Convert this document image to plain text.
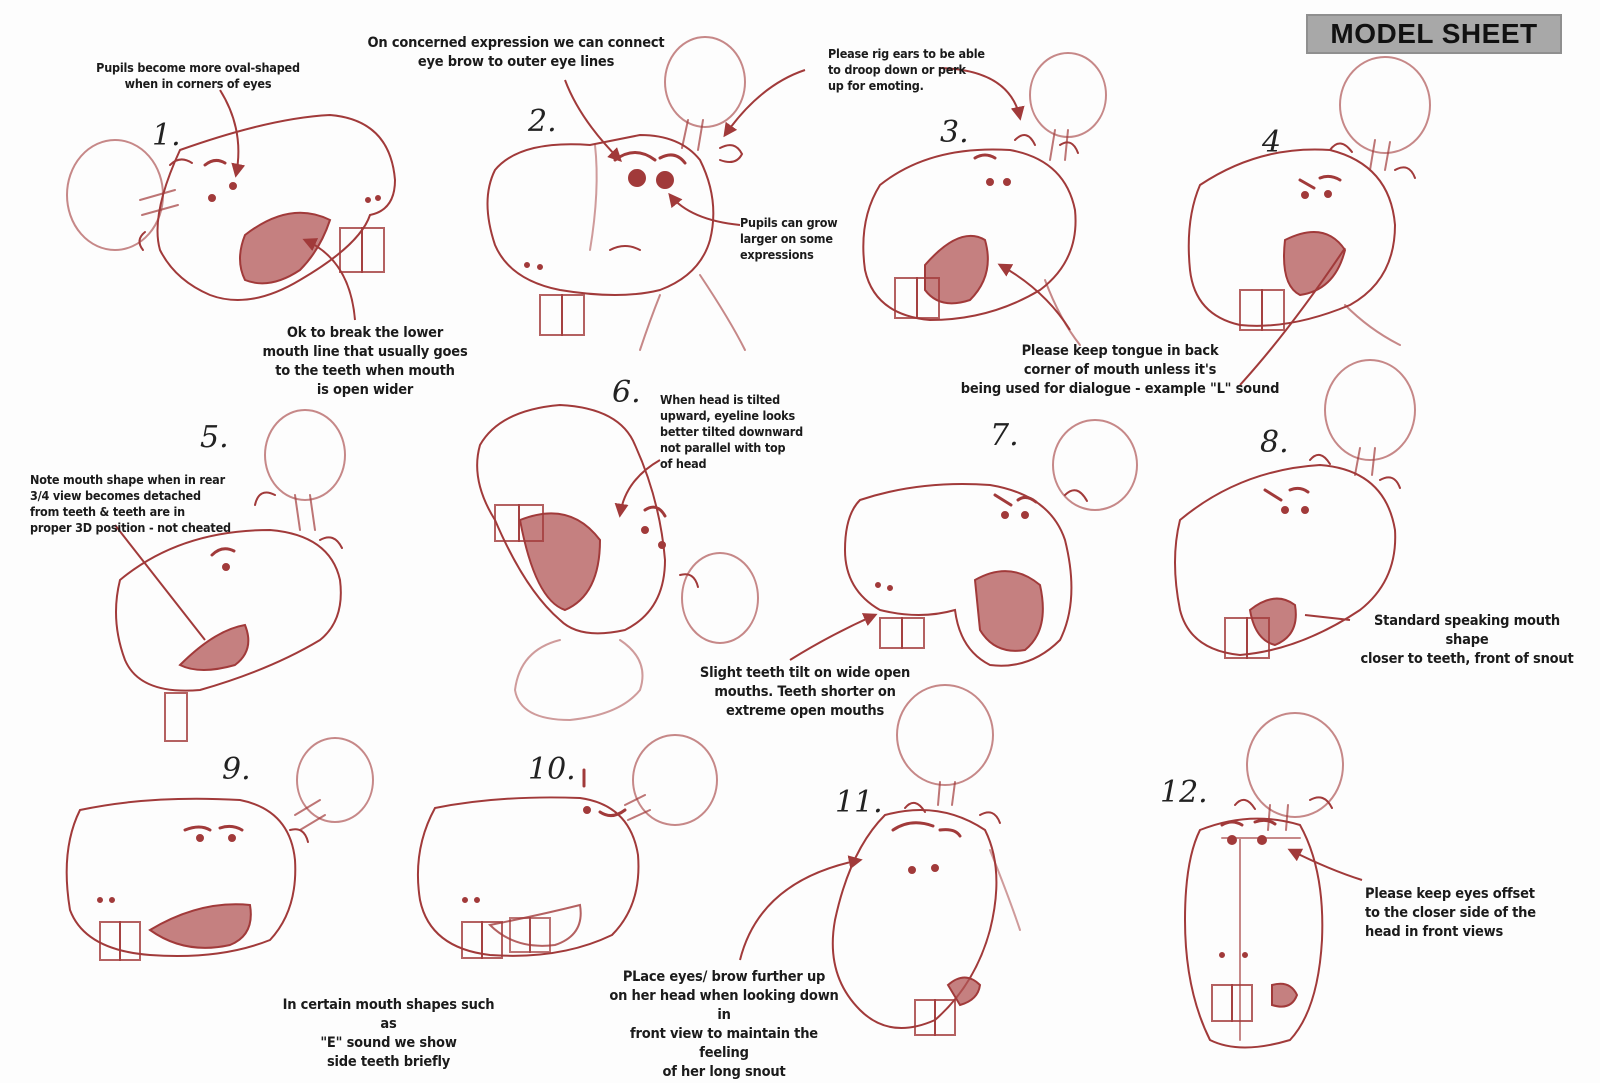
MODEL SHEET
1.	2.	3.	4
5.
6.
7.	8.
9.	10.
11.	12.
Pupils become more oval-shaped
when in corners of eyes
On concerned expression we can connect
eye brow to outer eye lines
Please rig ears to be able
to droop down or perk
up for emoting.
Pupils can grow
larger on some
expressions
Ok to break the lower
mouth line that usually goes
to the teeth when mouth
is open wider
Please keep tongue in back
corner of mouth unless it's
being used for dialogue - example "L" sound
Note mouth shape when in rear
3/4 view becomes detached
from teeth & teeth are in
proper 3D position - not cheated
When head is tilted
upward, eyeline looks
better tilted downward
not parallel with top
of head
Slight teeth tilt on wide open
mouths. Teeth shorter on
extreme open mouths
Standard speaking mouth shape
closer to teeth, front of snout
In certain mouth shapes such as
"E" sound we show
side teeth briefly
PLace eyes/ brow further up
on her head when looking down in
front view to maintain the feeling
of her long snout
Please keep eyes offset
to the closer side of the
head in front views
